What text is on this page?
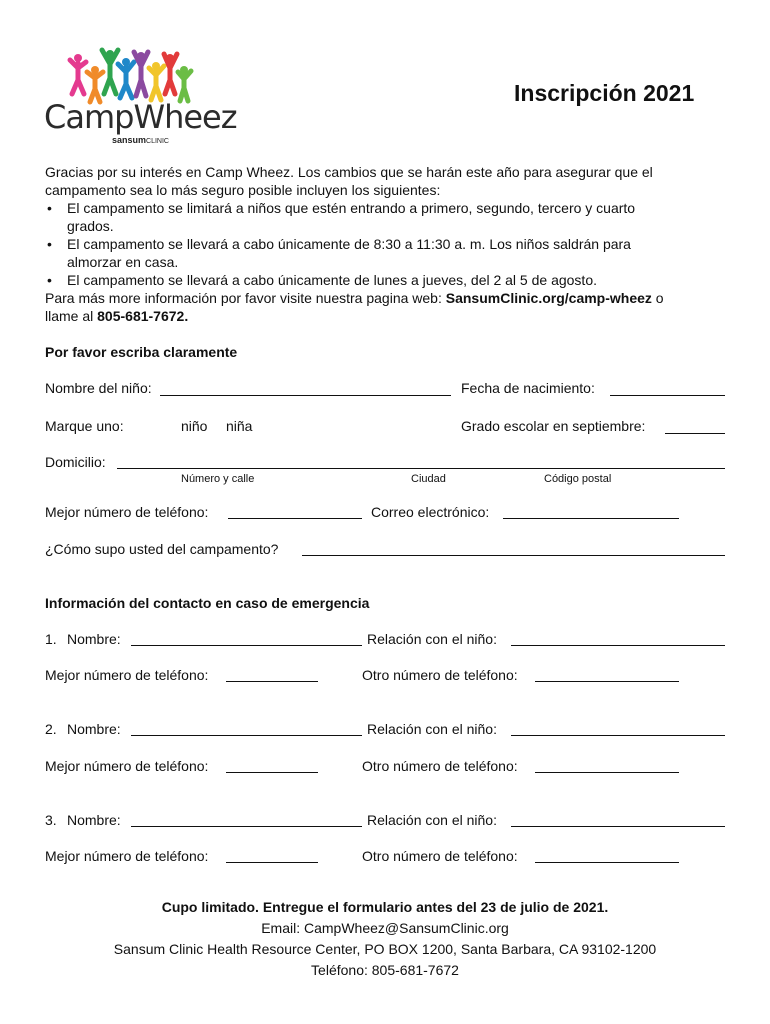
CampWheez
sansumCLINIC
Inscripción 2021
Gracias por su interés en Camp Wheez. Los cambios que se harán este año para asegurar que el
campamento sea lo más seguro posible incluyen los siguientes:
• El campamento se limitará a niños que estén entrando a primero, segundo, tercero y cuarto
grados.
• El campamento se llevará a cabo únicamente de 8:30 a 11:30 a. m. Los niños saldrán para
almorzar en casa.
• El campamento se llevará a cabo únicamente de lunes a jueves, del 2 al 5 de agosto.
Para más more información por favor visite nuestra pagina web: SansumClinic.org/camp-wheez o
llame al 805-681-7672.
Por favor escriba claramente
Nombre del niño:	Fecha de nacimiento:
Marque uno:	niño niña	Grado escolar en septiembre:
Domicilio:
Número y calle	Ciudad	Código postal
Mejor número de teléfono:	Correo electrónico:
¿Cómo supo usted del campamento?
Información del contacto en caso de emergencia
1. Nombre:	Relación con el niño:
Mejor número de teléfono:	Otro número de teléfono:
2. Nombre:	Relación con el niño:
Mejor número de teléfono:	Otro número de teléfono:
3. Nombre:	Relación con el niño:
Mejor número de teléfono:	Otro número de teléfono:
Cupo limitado. Entregue el formulario antes del 23 de julio de 2021.
Email: CampWheez@SansumClinic.org
Sansum Clinic Health Resource Center, PO BOX 1200, Santa Barbara, CA 93102-1200
Teléfono: 805-681-7672
